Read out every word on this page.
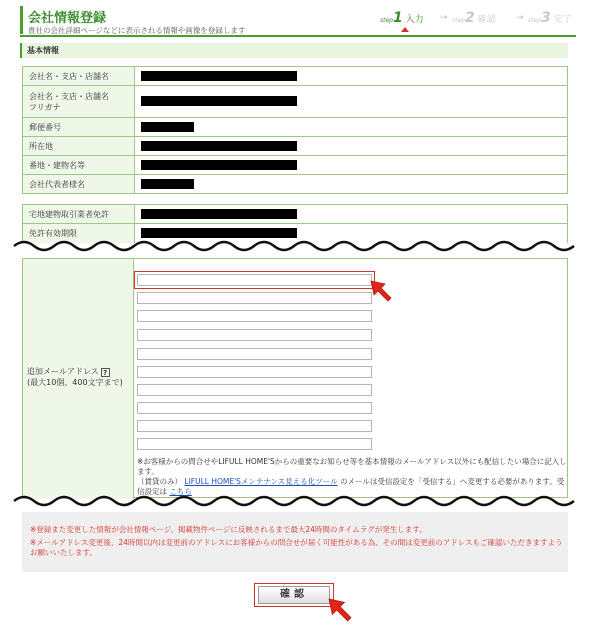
会社情報登録
貴社の会社詳細ページなどに表示される情報や画像を登録します
step1 入力	→ step2 確認	→ step3 完了
基本情報
会社名・支店・店舗名
会社名・支店・店舗名 フリガナ
郵便番号
所在地
番地・建物名等
会社代表者様名
宅地建物取引業者免許
免許有効期限
追加メールアドレス ?
(最大10個、400文字まで)
※お客様からの問合せやLIFULL HOME'Sからの重要なお知らせ等を基本情報のメールアドレス以外にも配信したい場合に記入します。
（賃貸のみ） LIFULL HOME'Sメンテナンス見える化ツール のメールは受信設定を「受信する」へ変更する必要があります。受信設定は こちら

※登録また変更した情報が会社情報ページ、掲載物件ページに反映されるまで最大24時間のタイムラグが発生します。

※メールアドレス変更後、24時間以内は変更前のアドレスにお客様からの問合せが届く可能性がある為、その間は変更前のアドレスもご確認いただきますようお願いいたします。

確認
